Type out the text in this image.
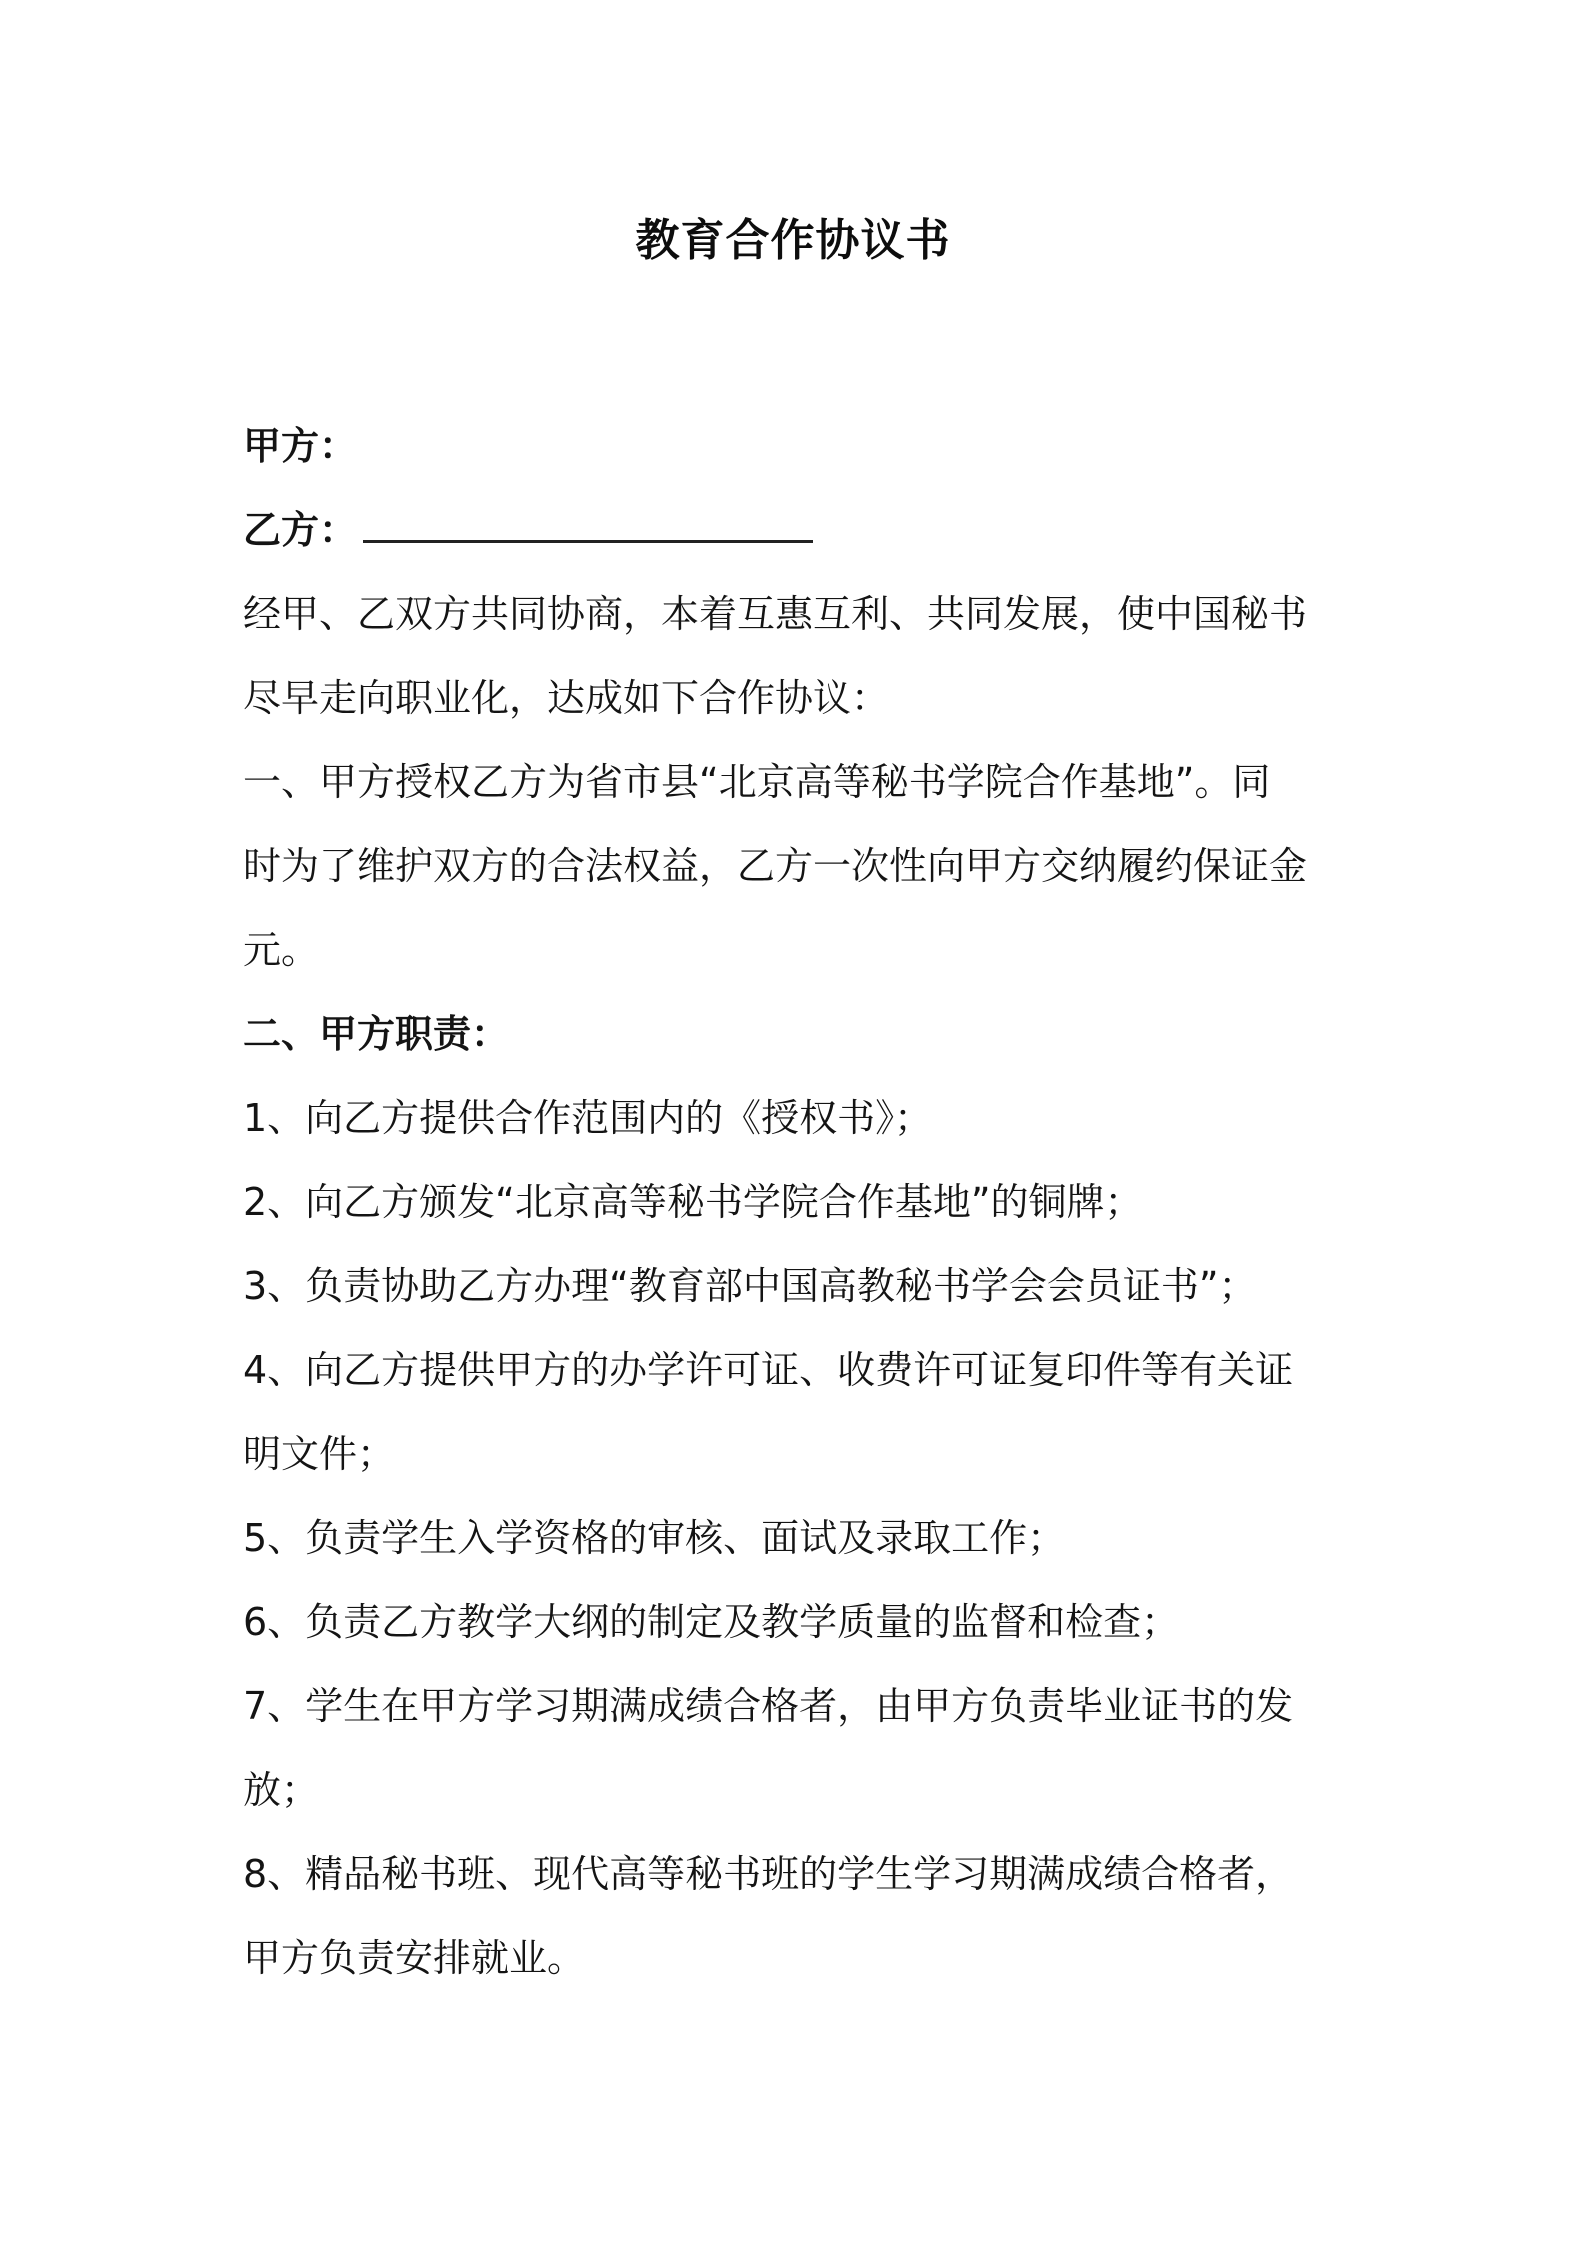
教育合作协议书
甲方：
乙方：
经甲、乙双方共同协商，本着互惠互利、共同发展，使中国秘书
尽早走向职业化，达成如下合作协议：
一、甲方授权乙方为省市县“北京高等秘书学院合作基地”。同
时为了维护双方的合法权益，乙方一次性向甲方交纳履约保证金
元。
二、甲方职责：
1、向乙方提供合作范围内的《授权书》；
2、向乙方颁发“北京高等秘书学院合作基地”的铜牌；
3、负责协助乙方办理“教育部中国高教秘书学会会员证书”；
4、向乙方提供甲方的办学许可证、收费许可证复印件等有关证
明文件；
5、负责学生入学资格的审核、面试及录取工作；
6、负责乙方教学大纲的制定及教学质量的监督和检查；
7、学生在甲方学习期满成绩合格者，由甲方负责毕业证书的发
放；
8、精品秘书班、现代高等秘书班的学生学习期满成绩合格者，
甲方负责安排就业。
